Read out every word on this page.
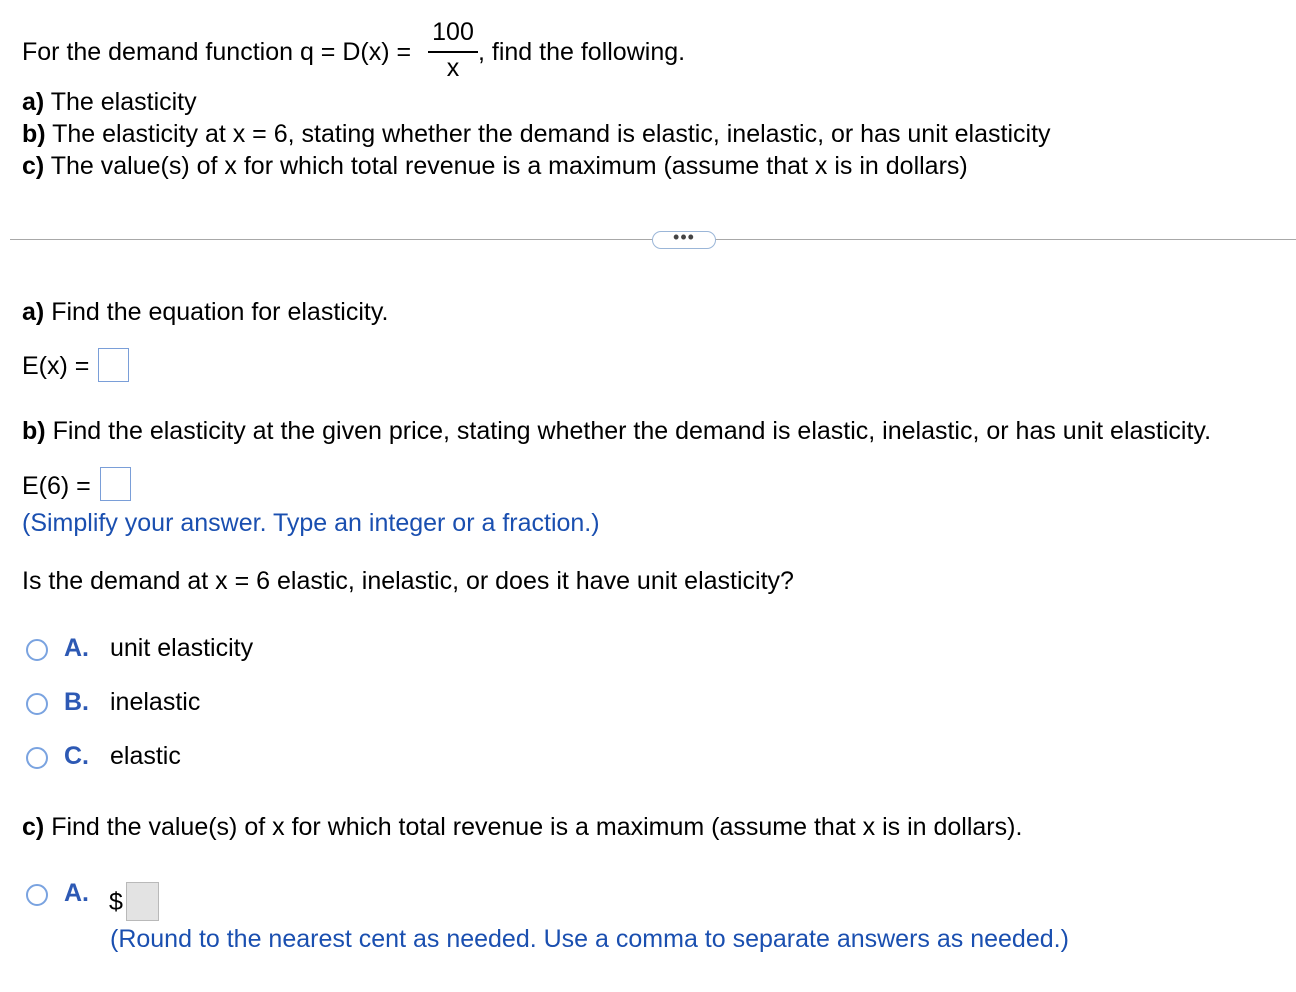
For the demand function q = D(x) =
100
x
, find the following.
a) The elasticity
b) The elasticity at x = 6, stating whether the demand is elastic, inelastic, or has unit elasticity
c) The value(s) of x for which total revenue is a maximum (assume that x is in dollars)
•••
a) Find the equation for elasticity.
E(x) =
b) Find the elasticity at the given price, stating whether the demand is elastic, inelastic, or has unit elasticity.
E(6) =
(Simplify your answer. Type an integer or a fraction.)
Is the demand at x = 6 elastic, inelastic, or does it have unit elasticity?
A. unit elasticity
B. inelastic
C. elastic
c) Find the value(s) of x for which total revenue is a maximum (assume that x is in dollars).
A. $
(Round to the nearest cent as needed. Use a comma to separate answers as needed.)
